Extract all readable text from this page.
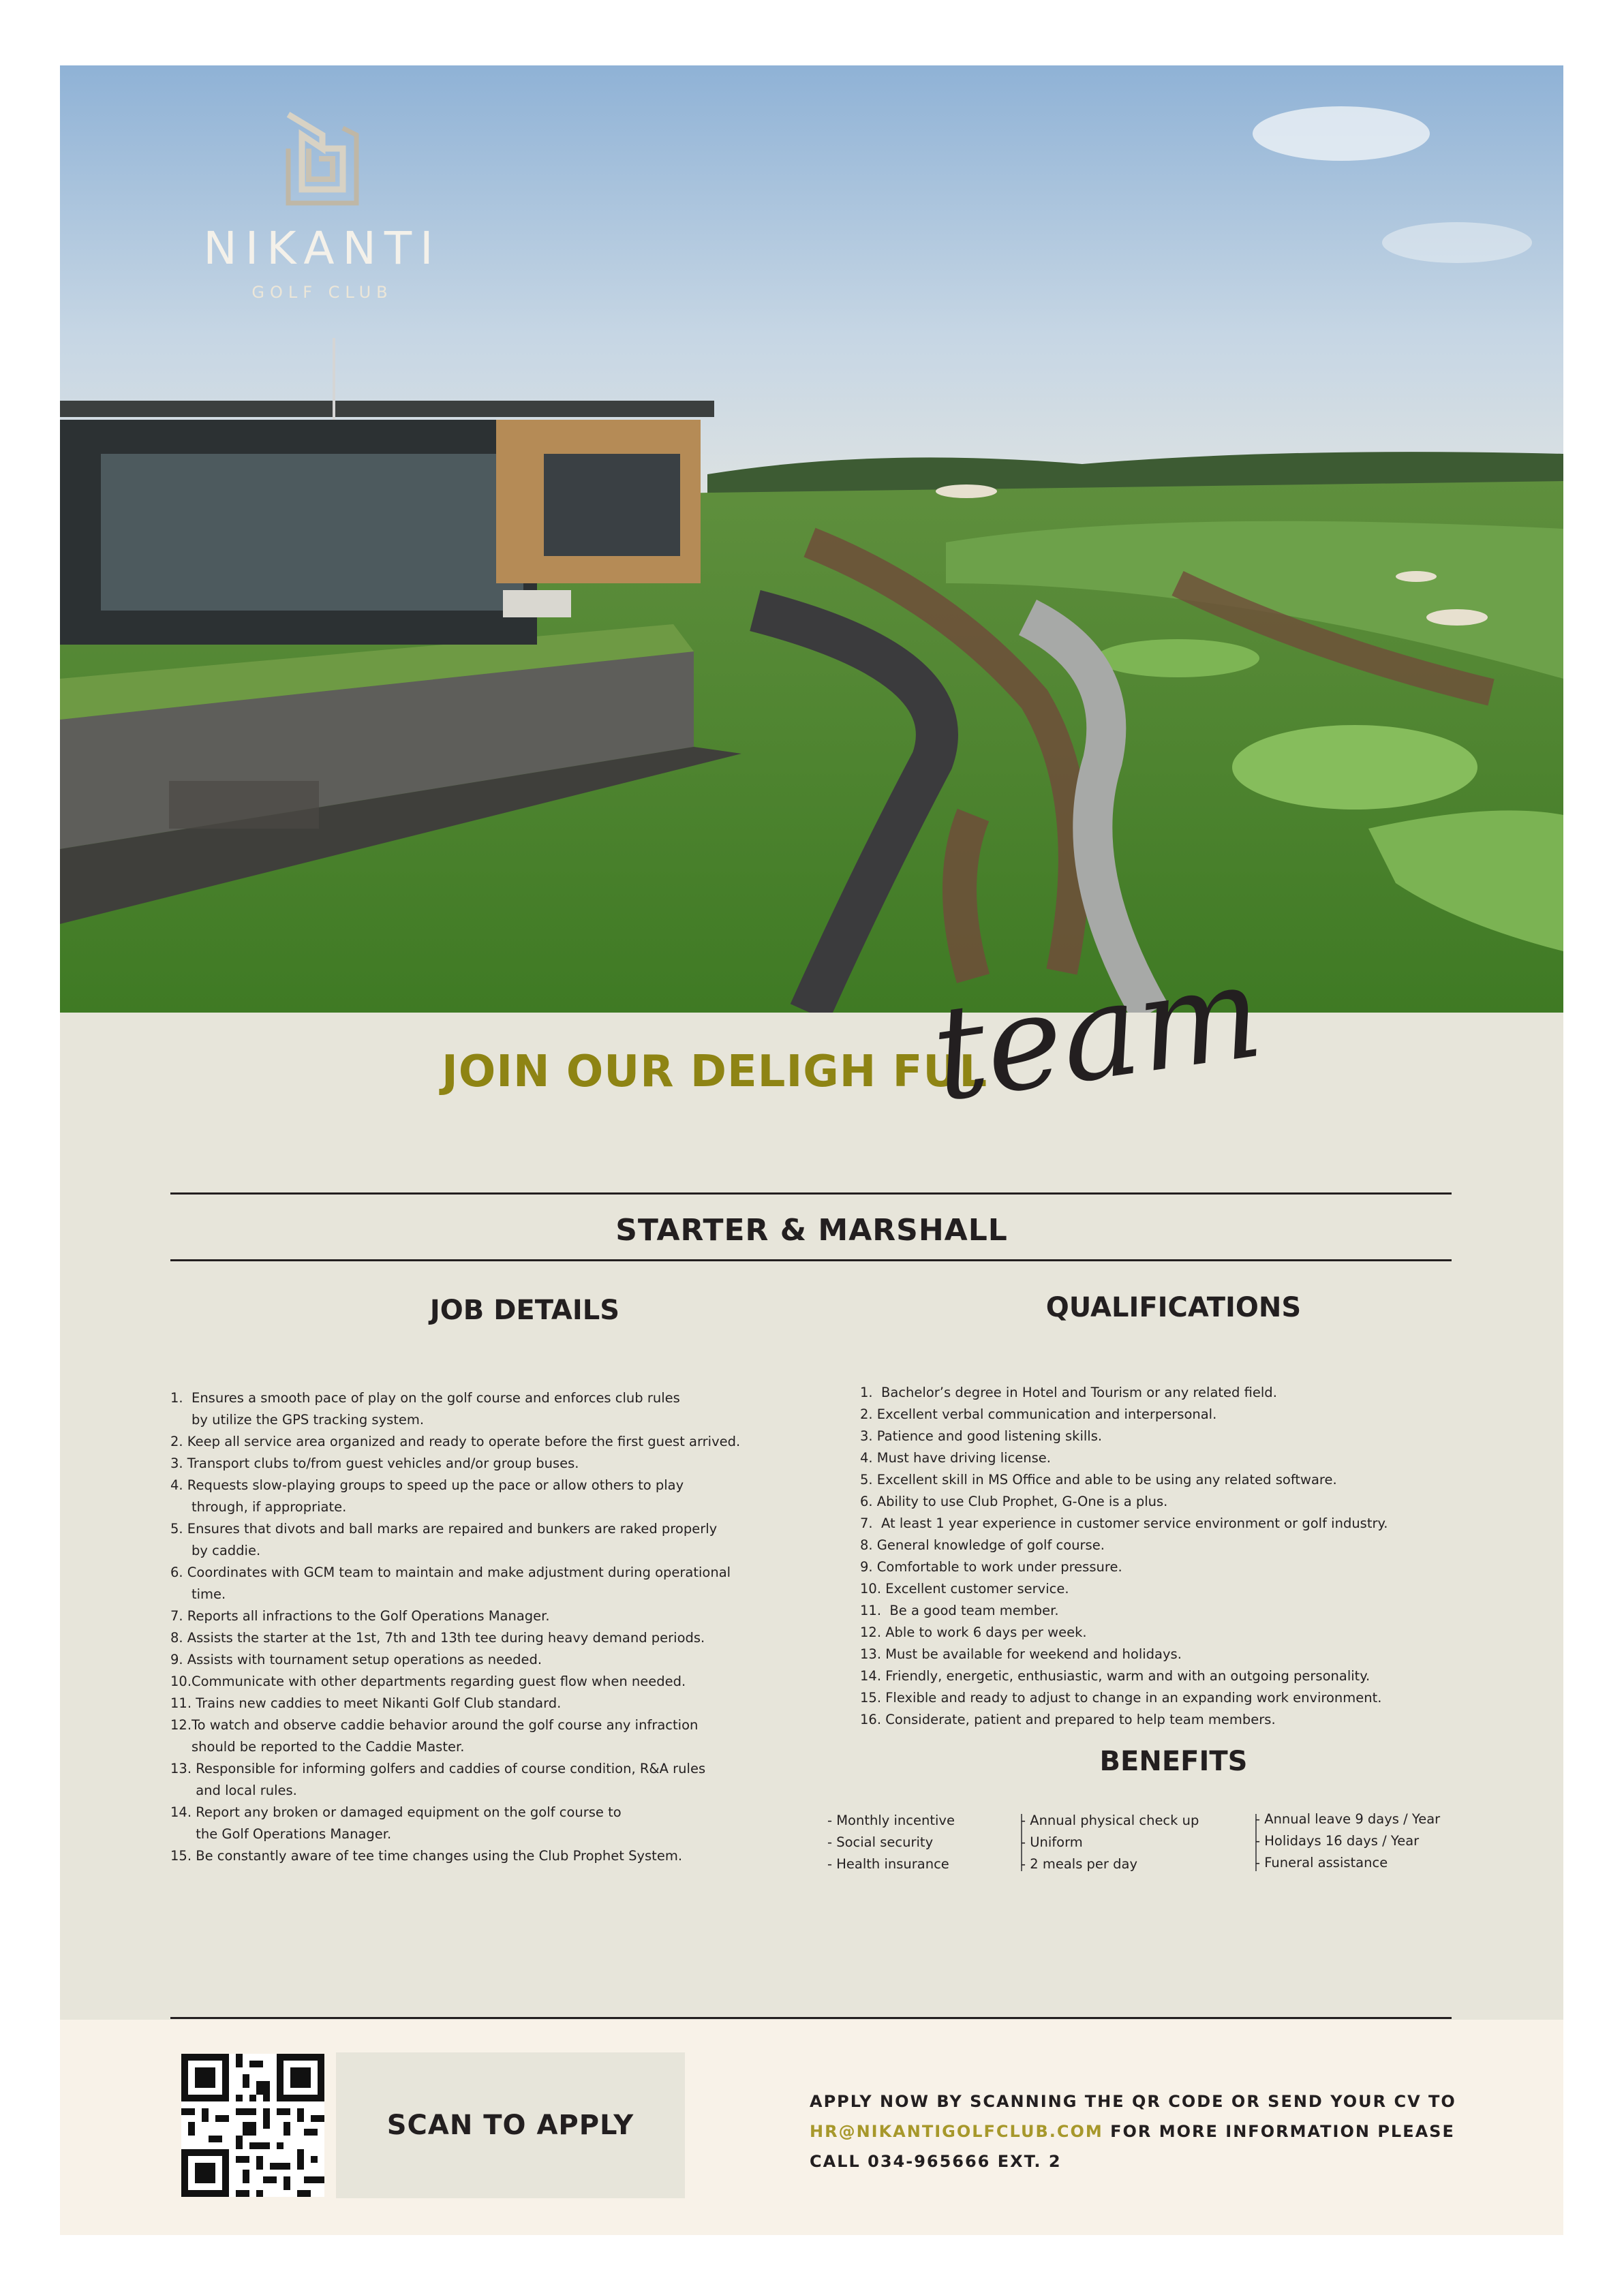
NIKANTI
GOLF CLUB
JOIN OUR DELIGH FUL
team
STARTER & MARSHALL
JOB DETAILS
1.  Ensures a smooth pace of play on the golf course and enforces club rules
by utilize the GPS tracking system.
2. Keep all service area organized and ready to operate before the first guest arrived.
3. Transport clubs to/from guest vehicles and/or group buses.
4. Requests slow-playing groups to speed up the pace or allow others to play
through, if appropriate.
5. Ensures that divots and ball marks are repaired and bunkers are raked properly
by caddie.
6. Coordinates with GCM team to maintain and make adjustment during operational
time.
7. Reports all infractions to the Golf Operations Manager.
8. Assists the starter at the 1st, 7th and 13th tee during heavy demand periods.
9. Assists with tournament setup operations as needed.
10.Communicate with other departments regarding guest flow when needed.
11. Trains new caddies to meet Nikanti Golf Club standard.
12.To watch and observe caddie behavior around the golf course any infraction
should be reported to the Caddie Master.
13. Responsible for informing golfers and caddies of course condition, R&A rules
and local rules.
14. Report any broken or damaged equipment on the golf course to
the Golf Operations Manager.
15. Be constantly aware of tee time changes using the Club Prophet System.
QUALIFICATIONS
1.  Bachelor’s degree in Hotel and Tourism or any related field.
2. Excellent verbal communication and interpersonal.
3. Patience and good listening skills.
4. Must have driving license.
5. Excellent skill in MS Office and able to be using any related software.
6. Ability to use Club Prophet, G-One is a plus.
7.  At least 1 year experience in customer service environment or golf industry.
8. General knowledge of golf course.
9. Comfortable to work under pressure.
10. Excellent customer service.
11.  Be a good team member.
12. Able to work 6 days per week.
13. Must be available for weekend and holidays.
14. Friendly, energetic, enthusiastic, warm and with an outgoing personality.
15. Flexible and ready to adjust to change in an expanding work environment.
16. Considerate, patient and prepared to help team members.
BENEFITS
- Monthly incentive
- Social security
- Health insurance
- Annual physical check up
- Uniform
- 2 meals per day
- Annual leave 9 days / Year
- Holidays 16 days / Year
- Funeral assistance
SCAN TO APPLY
APPLY NOW BY SCANNING THE QR CODE OR SEND YOUR CV TO
HR@NIKANTIGOLFCLUB.COM FOR MORE INFORMATION PLEASE
CALL 034-965666 EXT. 2
